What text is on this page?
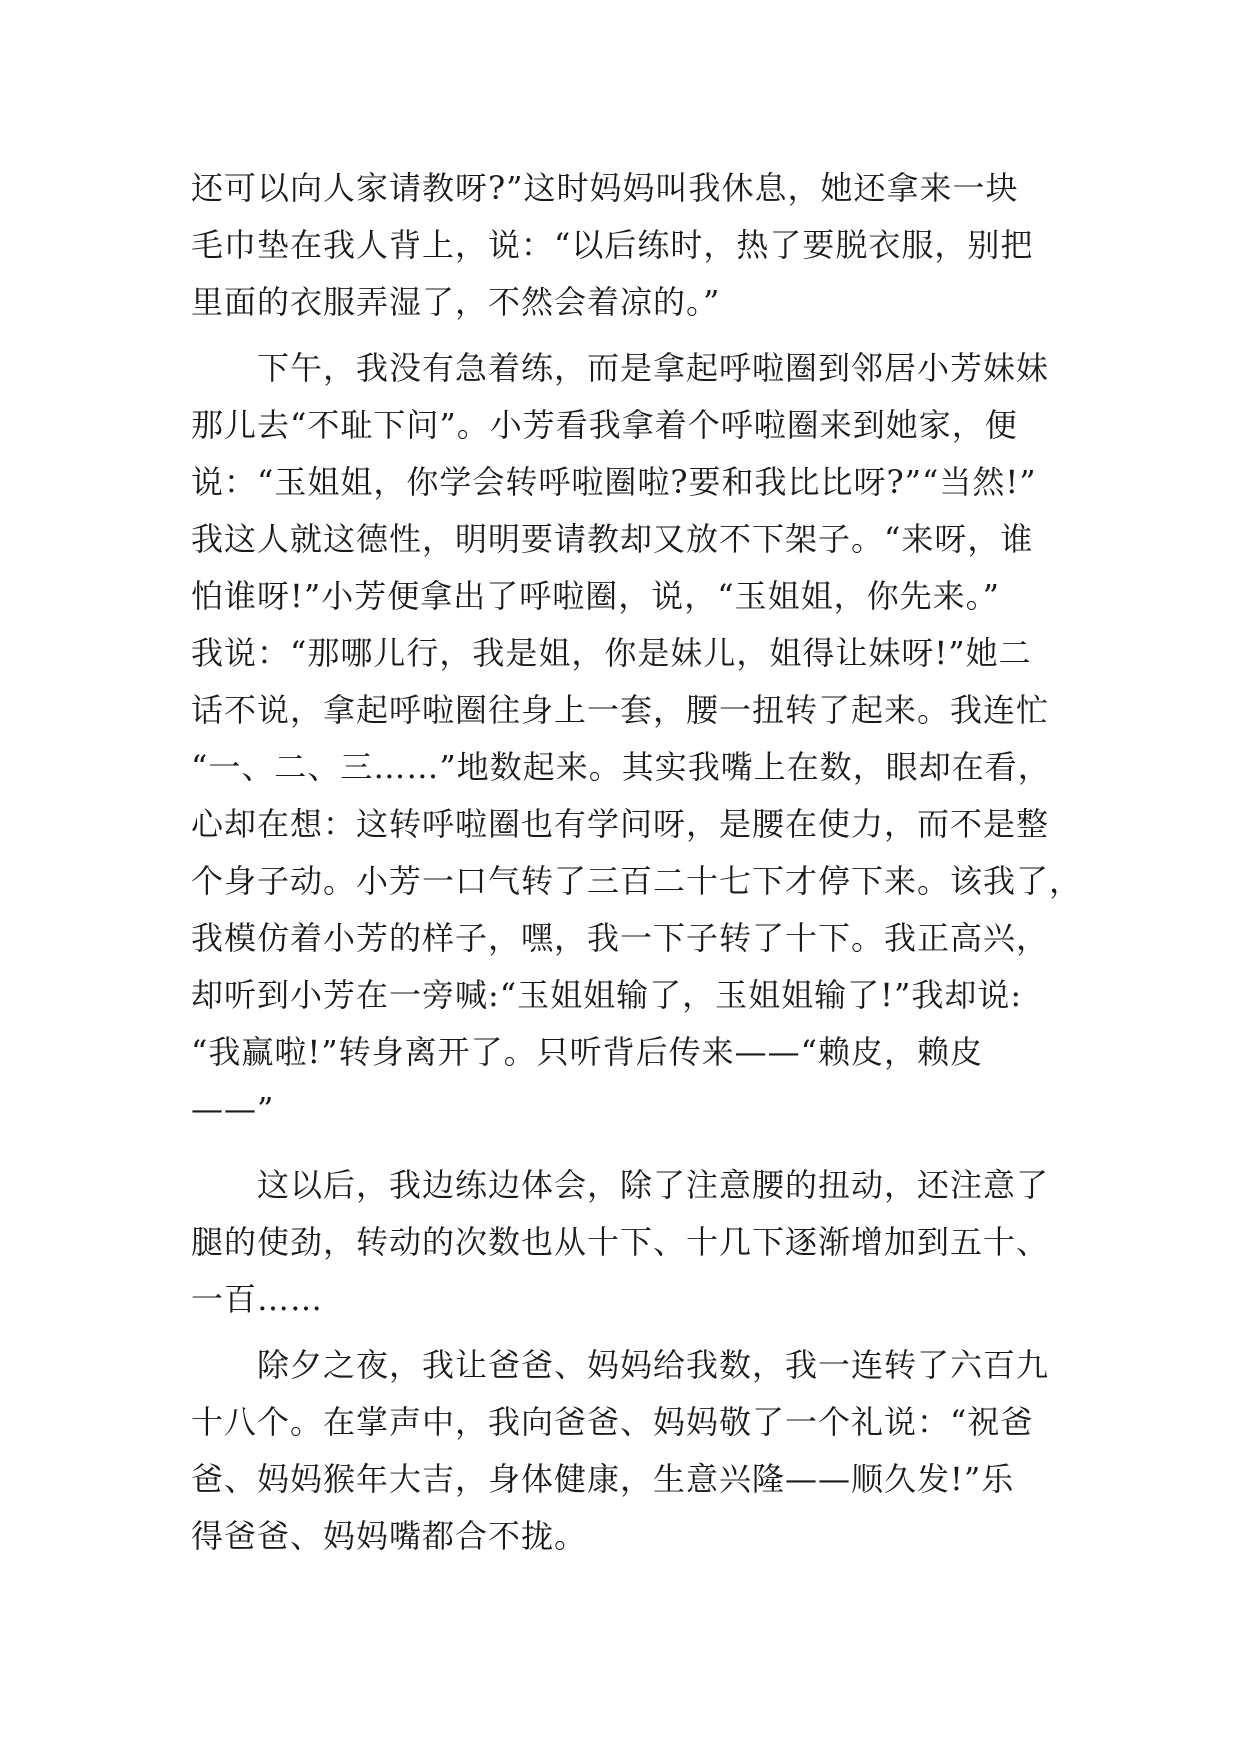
还可以向人家请教呀?”这时妈妈叫我休息，她还拿来一块
毛巾垫在我人背上，说：“以后练时，热了要脱衣服，别把
里面的衣服弄湿了，不然会着凉的。”
　　下午，我没有急着练，而是拿起呼啦圈到邻居小芳妹妹
那儿去“不耻下问”。小芳看我拿着个呼啦圈来到她家，便
说：“玉姐姐，你学会转呼啦圈啦?要和我比比呀?”“当然!”
我这人就这德性，明明要请教却又放不下架子。“来呀，谁
怕谁呀!”小芳便拿出了呼啦圈，说，“玉姐姐，你先来。”
我说：“那哪儿行，我是姐，你是妹儿，姐得让妹呀!”她二
话不说，拿起呼啦圈往身上一套，腰一扭转了起来。我连忙
“一、二、三……”地数起来。其实我嘴上在数，眼却在看，
心却在想：这转呼啦圈也有学问呀，是腰在使力，而不是整
个身子动。小芳一口气转了三百二十七下才停下来。该我了，
我模仿着小芳的样子，嘿，我一下子转了十下。我正高兴，
却听到小芳在一旁喊:“玉姐姐输了，玉姐姐输了!”我却说:
“我赢啦!”转身离开了。只听背后传来——“赖皮，赖皮
——”
　　这以后，我边练边体会，除了注意腰的扭动，还注意了
腿的使劲，转动的次数也从十下、十几下逐渐增加到五十、
一百……
　　除夕之夜，我让爸爸、妈妈给我数，我一连转了六百九
十八个。在掌声中，我向爸爸、妈妈敬了一个礼说：“祝爸
爸、妈妈猴年大吉，身体健康，生意兴隆——顺久发!”乐
得爸爸、妈妈嘴都合不拢。
